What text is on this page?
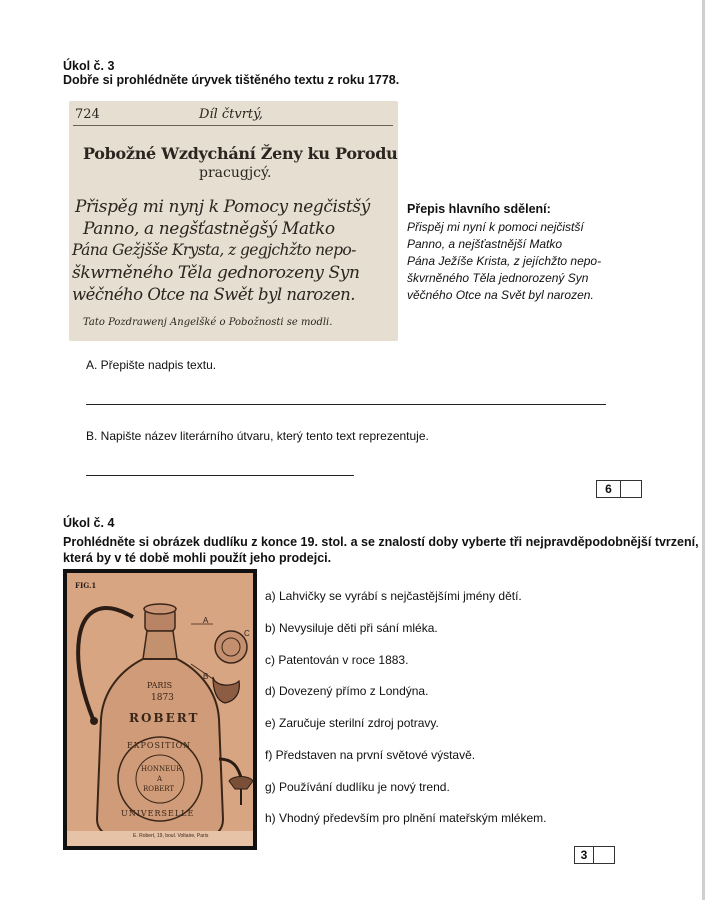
Úkol č. 3
Dobře si prohlédněte úryvek tištěného textu z roku 1778.
724	Díl čtvrtý,
Pobožné Wzdychání Ženy ku Porodu
pracugjcý.
Přispěg mi nynj k Pomocy negčistšý
Panno, a negšťastněgšý Matko
Pána Gežjšše Krysta, z gegjchžto nepo-
škwrněného Těla gednorozeny Syn
wěčného Otce na Swět byl narozen.
Tato Pozdrawenj Angelšké o Pobožnosti se modli.
Přepis hlavního sdělení:
Přispěj mi nyní k pomoci nejčistší
Panno, a nejšťastnější Matko
Pána Ježíše Krista, z jejíchžto nepo-
škvrněného Těla jednorozený Syn
věčného Otce na Svět byl narozen.
A. Přepište nadpis textu.
B. Napište název literárního útvaru, který tento text reprezentuje.
6
Úkol č. 4
Prohlédněte si obrázek dudlíku z konce 19. stol. a se znalostí doby vyberte tři nejpravděpodobnější tvrzení,
která by v té době mohli použít jeho prodejci.
FIG.1
A
B
C
PARIS
1873
ROBERT
EXPOSITION
HONNEUR
A
ROBERT
UNIVERSELLE
E. Robert, 19, boul. Voltaire, Paris
a) Lahvičky se vyrábí s nejčastějšími jmény dětí.
b) Nevysiluje děti při sání mléka.
c) Patentován v roce 1883.
d) Dovezený přímo z Londýna.
e) Zaručuje sterilní zdroj potravy.
f) Představen na první světové výstavě.
g) Používání dudlíku je nový trend.
h) Vhodný především pro plnění mateřským mlékem.
3
